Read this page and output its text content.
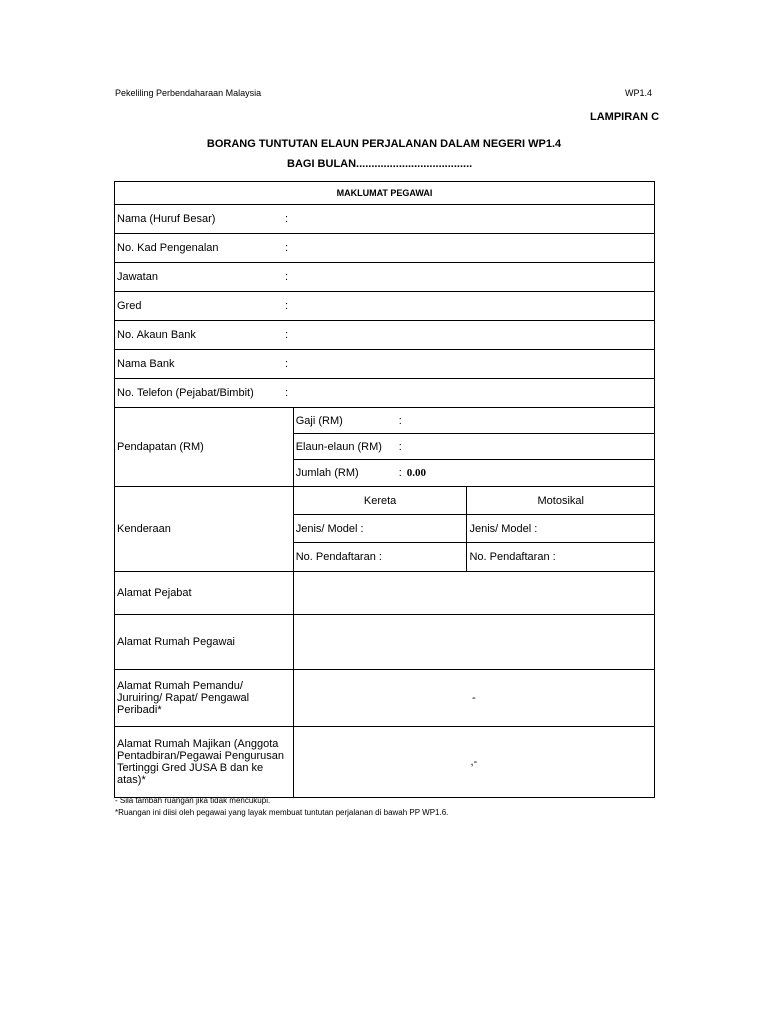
Pekeliling Perbendaharaan Malaysia	WP1.4
LAMPIRAN C
BORANG TUNTUTAN ELAUN PERJALANAN DALAM NEGERI WP1.4
BAGI BULAN......................................
MAKLUMAT PEGAWAI		
Nama (Huruf Besar) :		
No. Kad Pengenalan :		
Jawatan :		
Gred :		
No. Akaun Bank :		
Nama Bank :		
No. Telefon (Pejabat/Bimbit) :		
Pendapatan (RM)	Gaji (RM) :	
	Elaun-elaun (RM) :	
	Jumlah (RM) : 0.00	
Kenderaan	Kereta	Motosikal
	Jenis/ Model :	Jenis/ Model :
	No. Pendaftaran :	No. Pendaftaran :
Alamat Pejabat		
Alamat Rumah Pegawai		

Alamat Rumah Pemandu/
Juruiring/ Rapat/ Pengawal
Peribadi*	-	

Alamat Rumah Majikan (Anggota
Pentadbiran/Pegawai Pengurusan
Tertinggi Gred JUSA B dan ke
atas)*	,-	
- Sila tambah ruangan jika tidak mencukupi.
*Ruangan ini diisi oleh pegawai yang layak membuat tuntutan perjalanan di bawah PP WP1.6.
